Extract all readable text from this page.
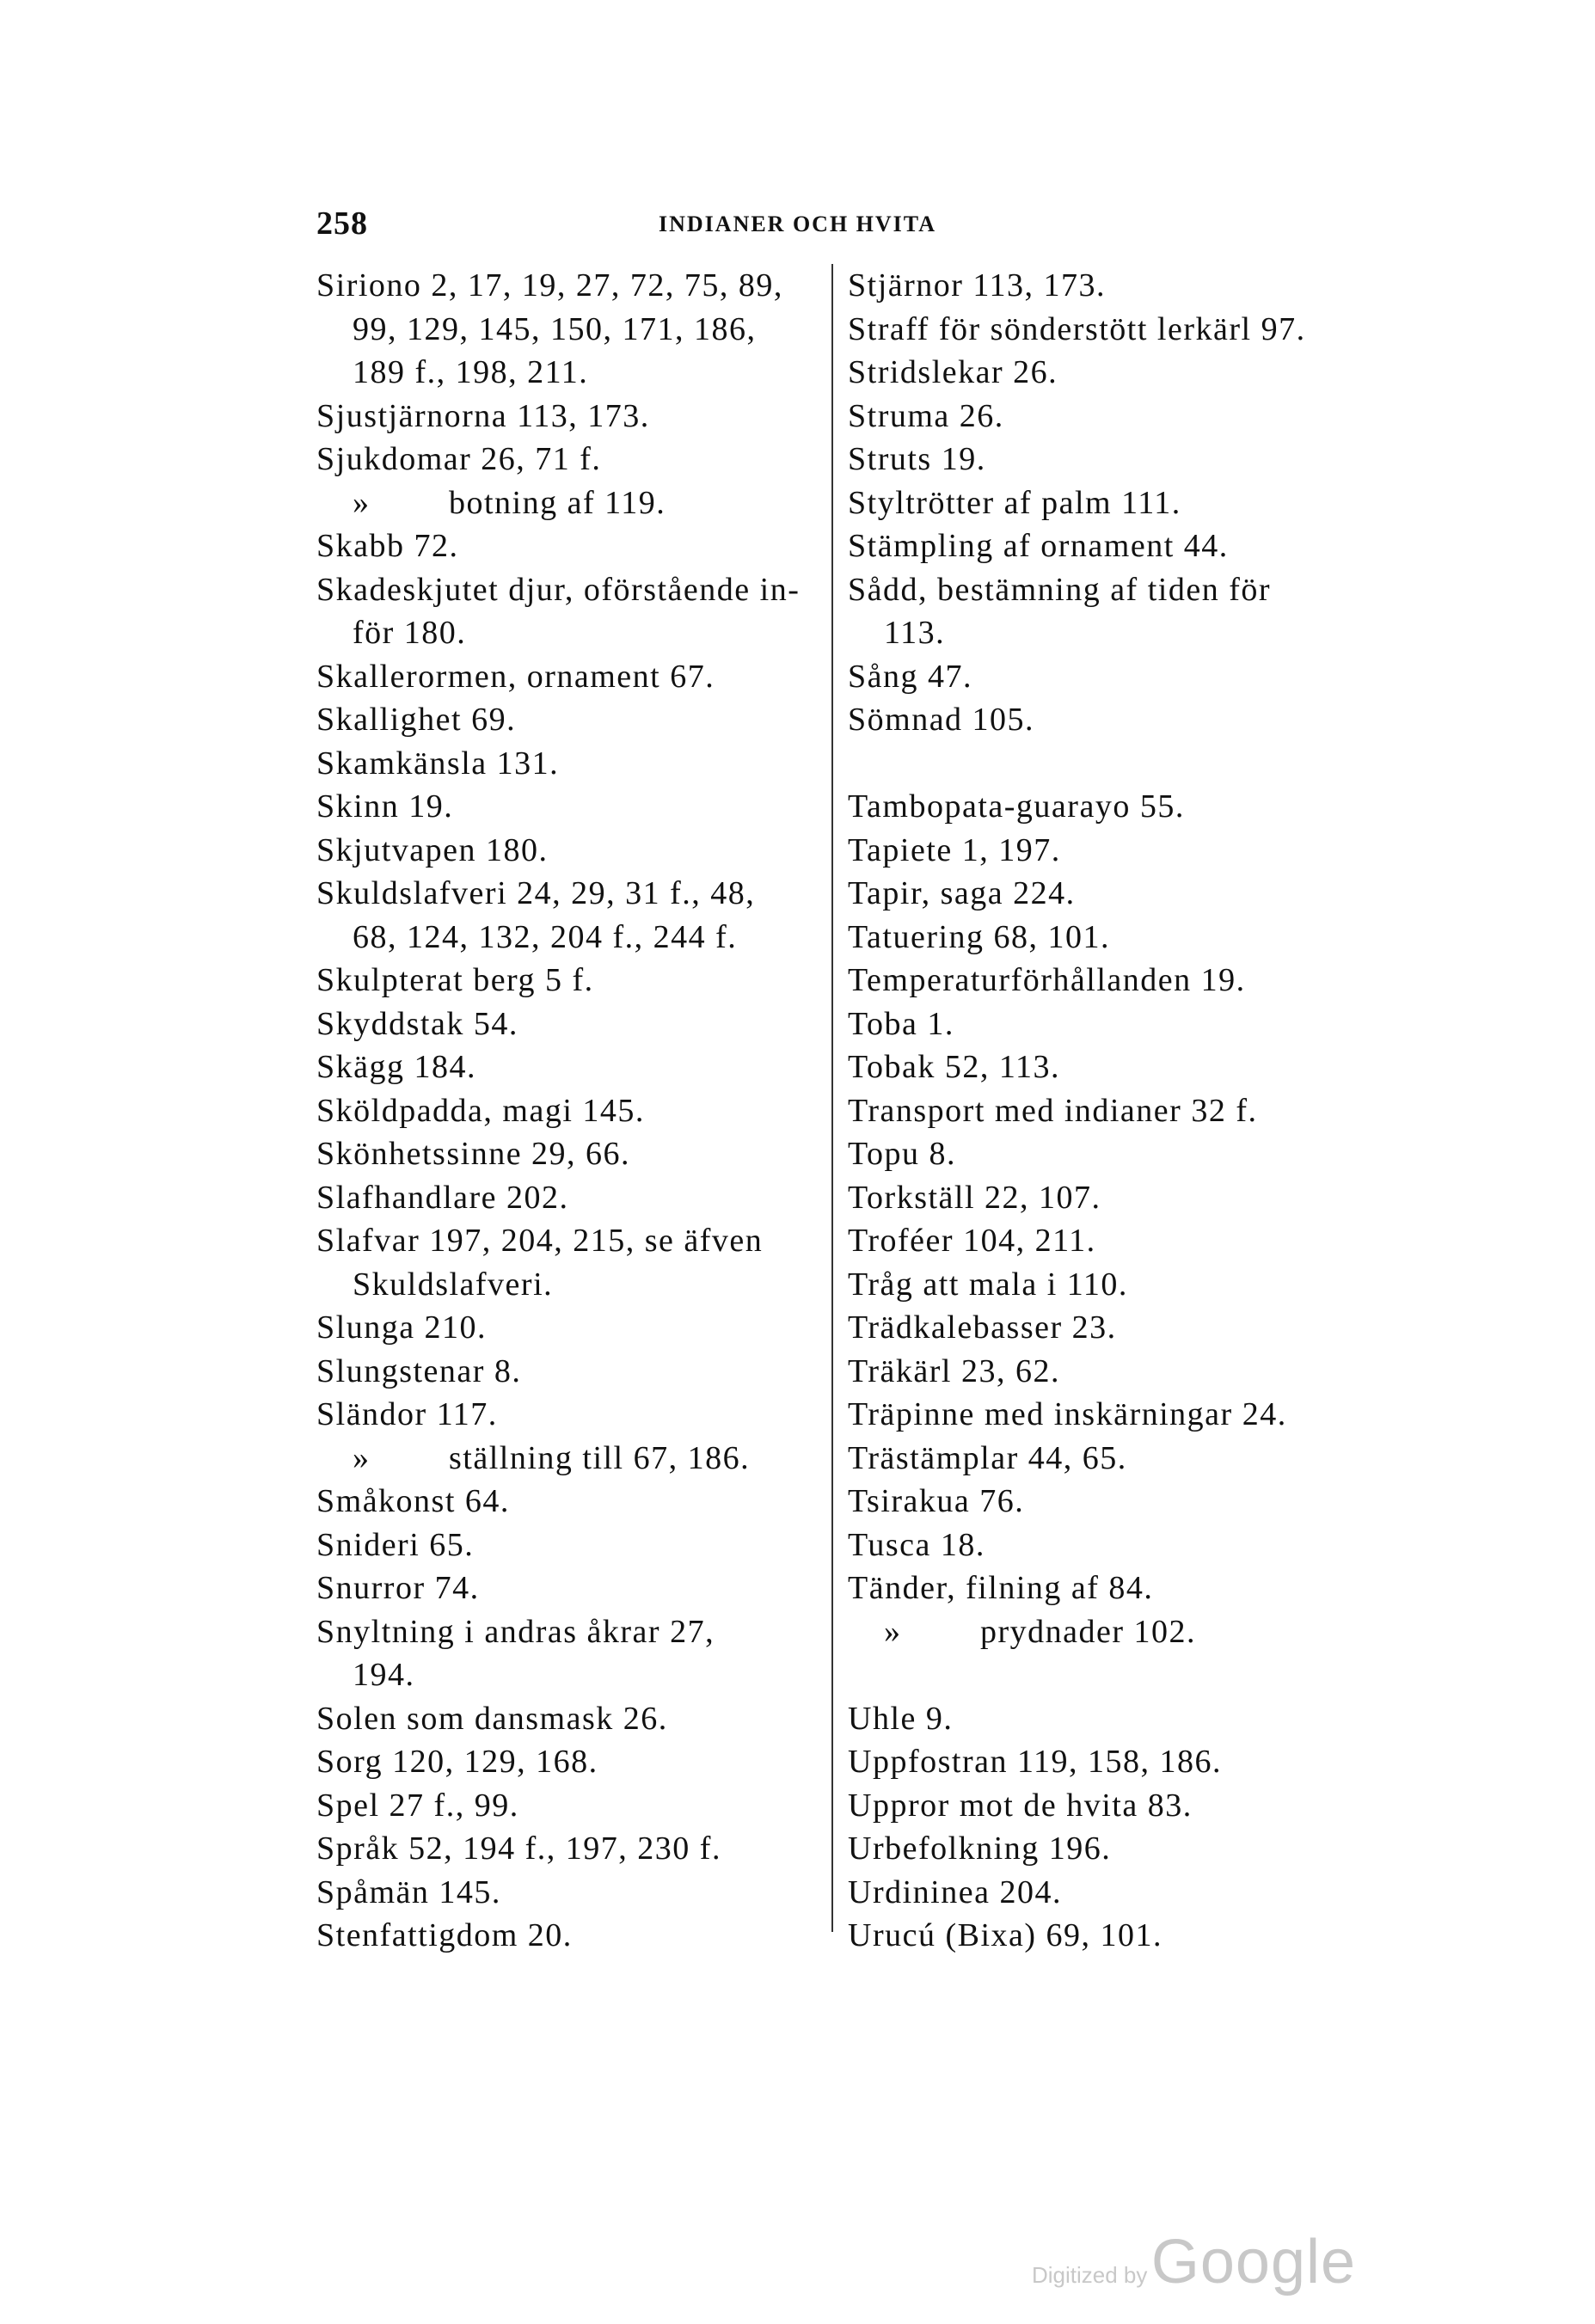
258	INDIANER OCH HVITA
Siriono 2, 17, 19, 27, 72, 75, 89,
99, 129, 145, 150, 171, 186,
189 f., 198, 211.
Sjustjärnorna 113, 173.
Sjukdomar 26, 71 f.
» botning af 119.
Skabb 72.
Skadeskjutet djur, oförstående in-
för 180.
Skallerormen, ornament 67.
Skallighet 69.
Skamkänsla 131.
Skinn 19.
Skjutvapen 180.
Skuldslafveri 24, 29, 31 f., 48,
68, 124, 132, 204 f., 244 f.
Skulpterat berg 5 f.
Skyddstak 54.
Skägg 184.
Sköldpadda, magi 145.
Skönhetssinne 29, 66.
Slafhandlare 202.
Slafvar 197, 204, 215, se äfven
Skuldslafveri.
Slunga 210.
Slungstenar 8.
Sländor 117.
» ställning till 67, 186.
Småkonst 64.
Snideri 65.
Snurror 74.
Snyltning i andras åkrar 27,
194.
Solen som dansmask 26.
Sorg 120, 129, 168.
Spel 27 f., 99.
Språk 52, 194 f., 197, 230 f.
Spåmän 145.
Stenfattigdom 20.
Stjärnor 113, 173.
Straff för sönderstött lerkärl 97.
Stridslekar 26.
Struma 26.
Struts 19.
Styltrötter af palm 111.
Stämpling af ornament 44.
Sådd, bestämning af tiden för
113.
Sång 47.
Sömnad 105.
Tambopata-guarayo 55.
Tapiete 1, 197.
Tapir, saga 224.
Tatuering 68, 101.
Temperaturförhållanden 19.
Toba 1.
Tobak 52, 113.
Transport med indianer 32 f.
Topu 8.
Torkställ 22, 107.
Troféer 104, 211.
Tråg att mala i 110.
Trädkalebasser 23.
Träkärl 23, 62.
Träpinne med inskärningar 24.
Trästämplar 44, 65.
Tsirakua 76.
Tusca 18.
Tänder, filning af 84.
» prydnader 102.
Uhle 9.
Uppfostran 119, 158, 186.
Uppror mot de hvita 83.
Urbefolkning 196.
Urdininea 204.
Urucú (Bixa) 69, 101.
Digitized by Google
